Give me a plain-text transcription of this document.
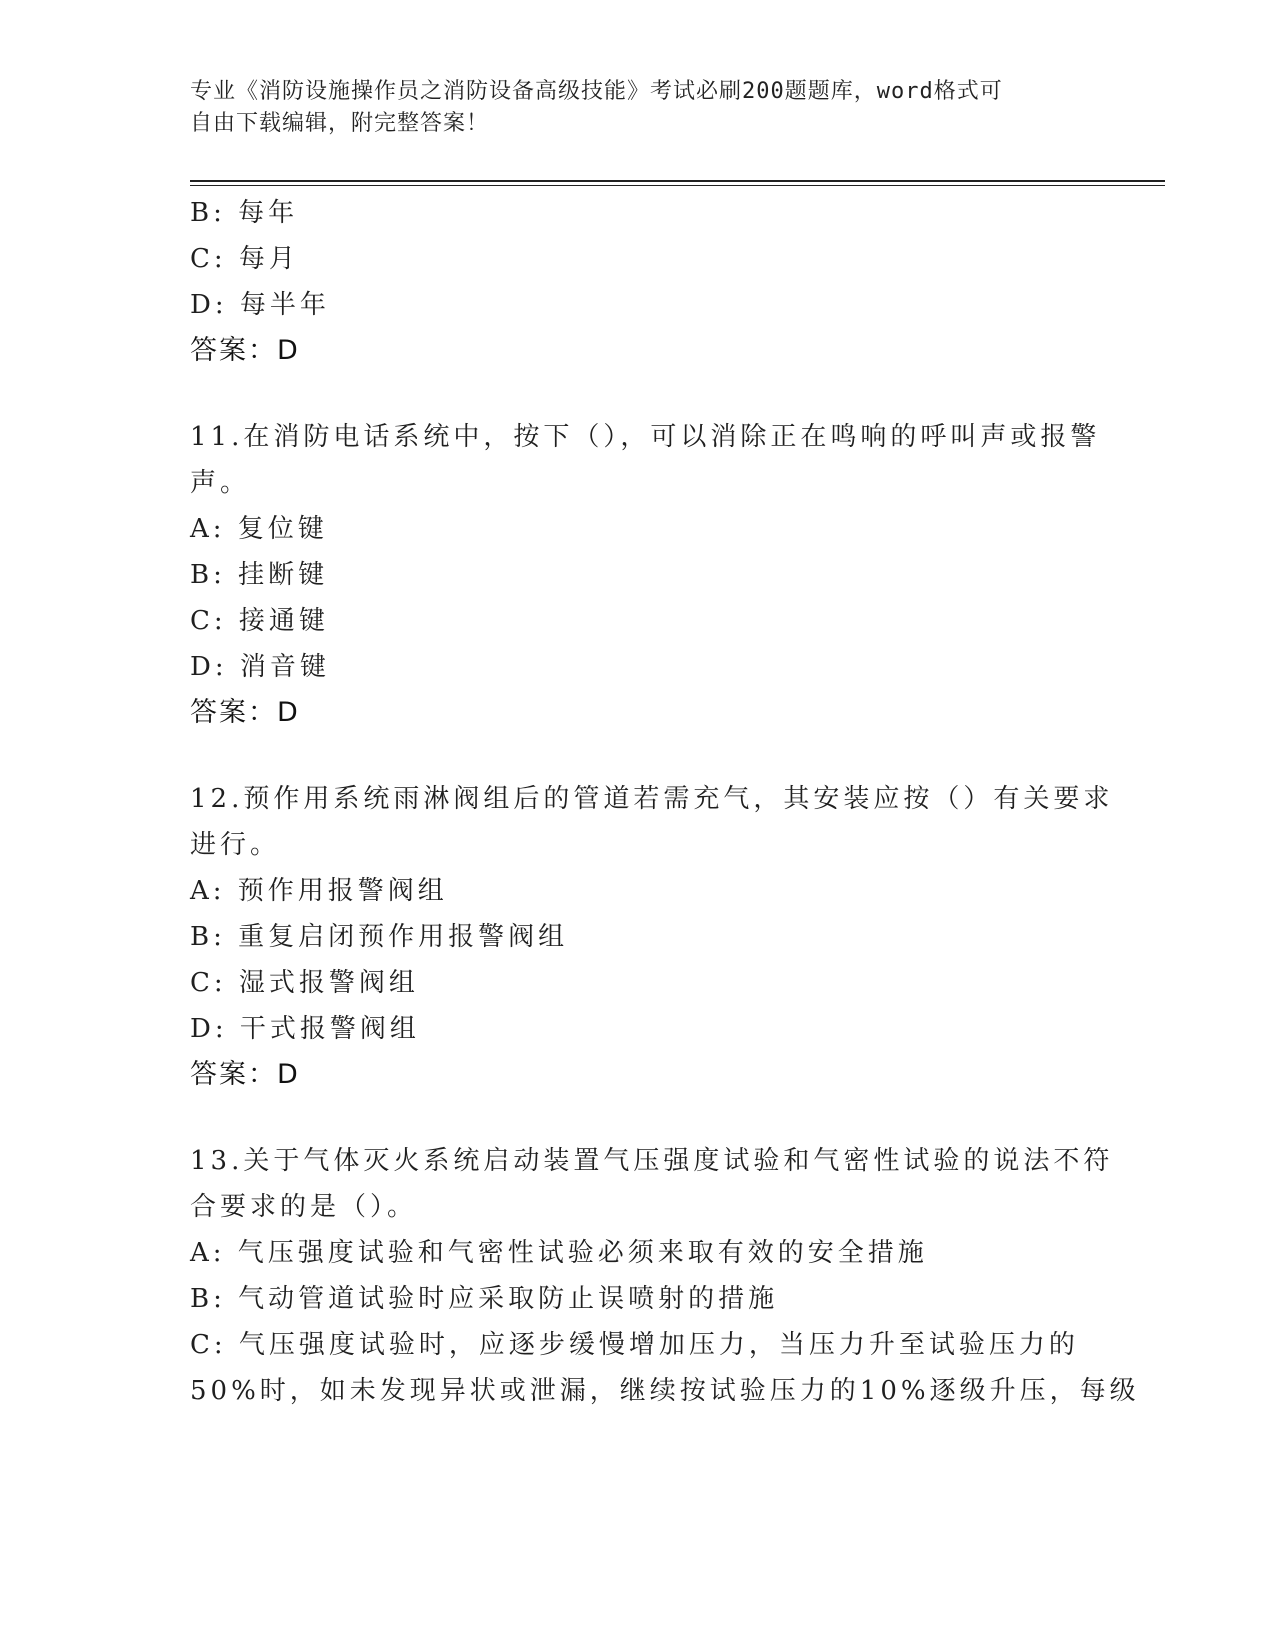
专业《消防设施操作员之消防设备高级技能》考试必刷200题题库，word格式可
自由下载编辑，附完整答案！
B: 每年
C: 每月
D: 每半年
答案：D
11.在消防电话系统中，按下（），可以消除正在鸣响的呼叫声或报警
声。
A: 复位键
B: 挂断键
C: 接通键
D: 消音键
答案：D
12.预作用系统雨淋阀组后的管道若需充气，其安装应按（）有关要求
进行。
A: 预作用报警阀组
B: 重复启闭预作用报警阀组
C: 湿式报警阀组
D: 干式报警阀组
答案：D
13.关于气体灭火系统启动装置气压强度试验和气密性试验的说法不符
合要求的是（）。
A: 气压强度试验和气密性试验必须来取有效的安全措施
B: 气动管道试验时应采取防止误喷射的措施
C: 气压强度试验时，应逐步缓慢增加压力，当压力升至试验压力的
50%时，如未发现异状或泄漏，继续按试验压力的10%逐级升压，每级
